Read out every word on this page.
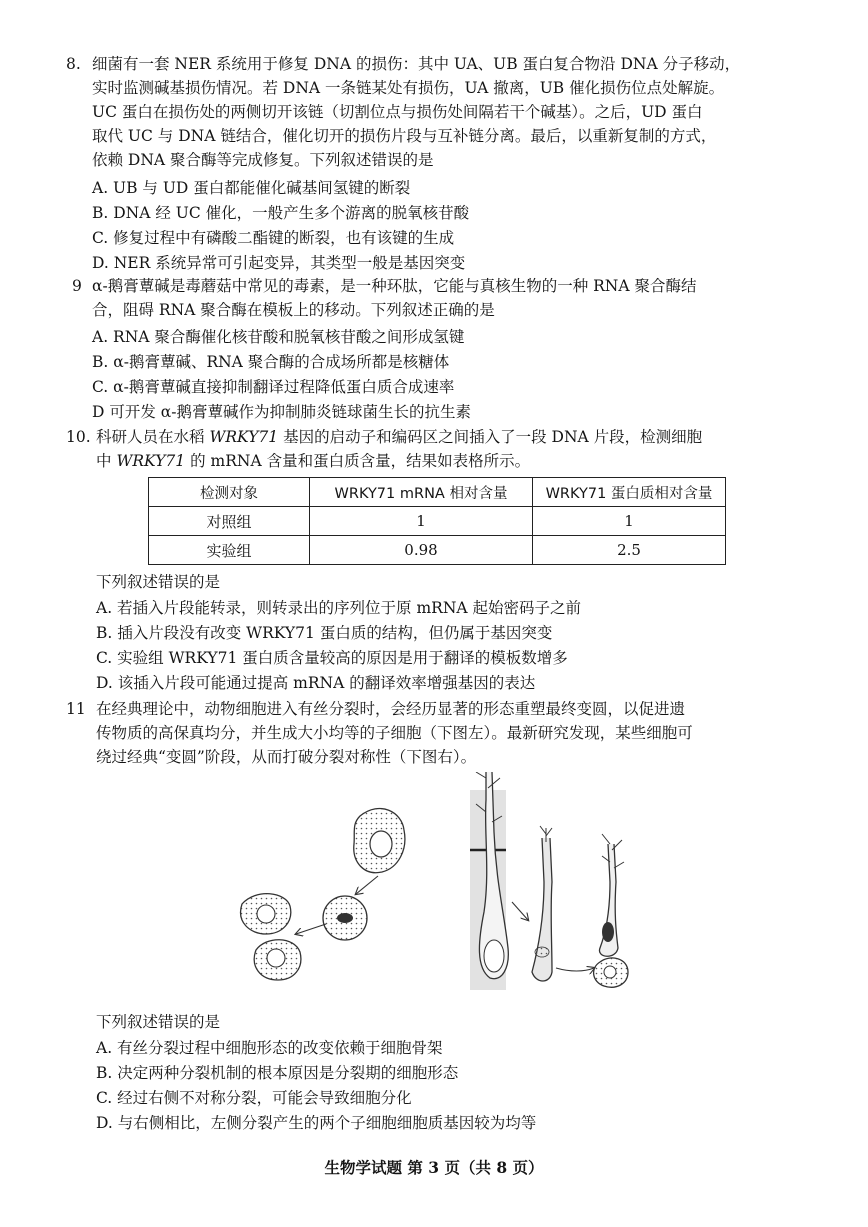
8. 细菌有一套 NER 系统用于修复 DNA 的损伤：其中 UA、UB 蛋白复合物沿 DNA 分子移动，
实时监测碱基损伤情况。若 DNA 一条链某处有损伤，UA 撤离，UB 催化损伤位点处解旋。
UC 蛋白在损伤处的两侧切开该链（切割位点与损伤处间隔若干个碱基）。之后，UD 蛋白
取代 UC 与 DNA 链结合，催化切开的损伤片段与互补链分离。最后，以重新复制的方式，
依赖 DNA 聚合酶等完成修复。下列叙述错误的是
A. UB 与 UD 蛋白都能催化碱基间氢键的断裂
B. DNA 经 UC 催化，一般产生多个游离的脱氧核苷酸
C. 修复过程中有磷酸二酯键的断裂，也有该键的生成
D. NER 系统异常可引起变异，其类型一般是基因突变
9 α-鹅膏蕈碱是毒蘑菇中常见的毒素，是一种环肽，它能与真核生物的一种 RNA 聚合酶结
合，阻碍 RNA 聚合酶在模板上的移动。下列叙述正确的是
A. RNA 聚合酶催化核苷酸和脱氧核苷酸之间形成氢键
B. α-鹅膏蕈碱、RNA 聚合酶的合成场所都是核糖体
C. α-鹅膏蕈碱直接抑制翻译过程降低蛋白质合成速率
D 可开发 α-鹅膏蕈碱作为抑制肺炎链球菌生长的抗生素
10. 科研人员在水稻 WRKY71 基因的启动子和编码区之间插入了一段 DNA 片段，检测细胞
中 WRKY71 的 mRNA 含量和蛋白质含量，结果如表格所示。
检测对象	WRKY71 mRNA 相对含量	WRKY71 蛋白质相对含量
对照组	1	1
实验组	0.98	2.5
下列叙述错误的是
A. 若插入片段能转录，则转录出的序列位于原 mRNA 起始密码子之前
B. 插入片段没有改变 WRKY71 蛋白质的结构，但仍属于基因突变
C. 实验组 WRKY71 蛋白质含量较高的原因是用于翻译的模板数增多
D. 该插入片段可能通过提高 mRNA 的翻译效率增强基因的表达
11 在经典理论中，动物细胞进入有丝分裂时，会经历显著的形态重塑最终变圆，以促进遗
传物质的高保真均分，并生成大小均等的子细胞（下图左）。最新研究发现，某些细胞可
绕过经典“变圆”阶段，从而打破分裂对称性（下图右）。
下列叙述错误的是
A. 有丝分裂过程中细胞形态的改变依赖于细胞骨架
B. 决定两种分裂机制的根本原因是分裂期的细胞形态
C. 经过右侧不对称分裂，可能会导致细胞分化
D. 与右侧相比，左侧分裂产生的两个子细胞细胞质基因较为均等
生物学试题 第 3 页（共 8 页）
